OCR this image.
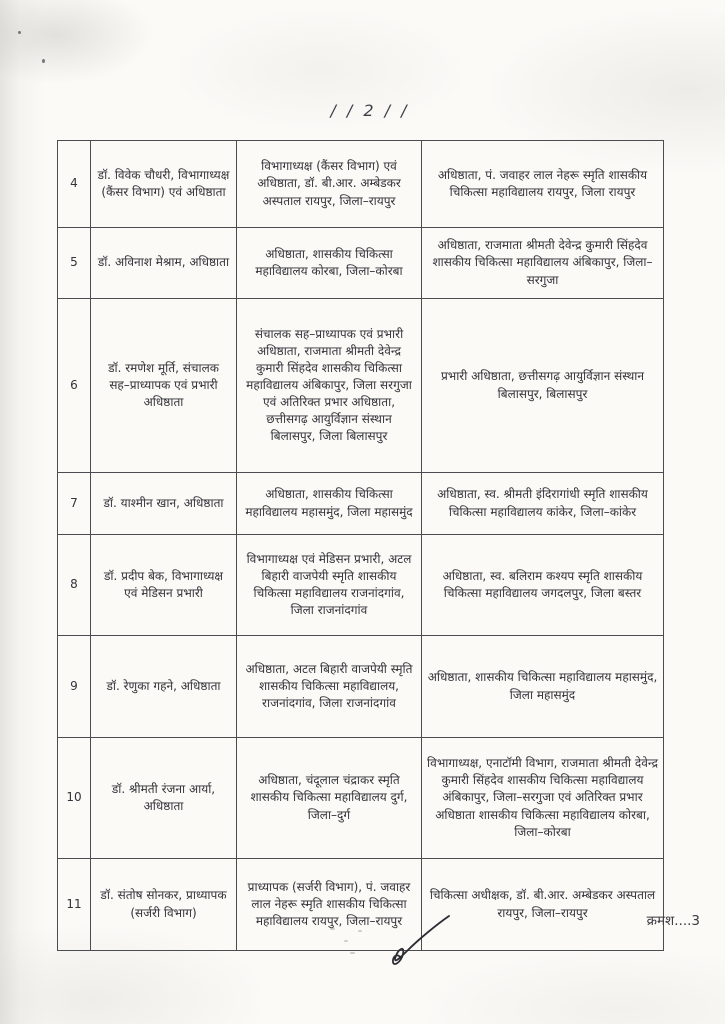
/ / 2 / /
4	डॉ. विवेक चौधरी, विभागाध्यक्ष (कैंसर विभाग) एवं अधिष्ठाता	विभागाध्यक्ष (कैंसर विभाग) एवं अधिष्ठाता, डॉ. बी.आर. अम्बेडकर अस्पताल रायपुर, जिला–रायपुर	अधिष्ठाता, पं. जवाहर लाल नेहरू स्मृति शासकीय चिकित्सा महाविद्यालय रायपुर, जिला रायपुर
5	डॉ. अविनाश मेश्राम, अधिष्ठाता	अधिष्ठाता, शासकीय चिकित्सा महाविद्यालय कोरबा, जिला–कोरबा	अधिष्ठाता, राजमाता श्रीमती देवेन्द्र कुमारी सिंहदेव शासकीय चिकित्सा महाविद्यालय अंबिकापुर, जिला–सरगुजा
6	डॉ. रमणेश मूर्ति, संचालक सह–प्राध्यापक एवं प्रभारी अधिष्ठाता	संचालक सह–प्राध्यापक एवं प्रभारी अधिष्ठाता, राजमाता श्रीमती देवेन्द्र कुमारी सिंहदेव शासकीय चिकित्सा महाविद्यालय अंबिकापुर, जिला सरगुजा एवं अतिरिक्त प्रभार अधिष्ठाता, छत्तीसगढ़ आयुर्विज्ञान संस्थान बिलासपुर, जिला बिलासपुर	प्रभारी अधिष्ठाता, छत्तीसगढ़ आयुर्विज्ञान संस्थान बिलासपुर, बिलासपुर
7	डॉ. याश्मीन खान, अधिष्ठाता	अधिष्ठाता, शासकीय चिकित्सा महाविद्यालय महासमुंद, जिला महासमुंद	अधिष्ठाता, स्व. श्रीमती इंदिरागांधी स्मृति शासकीय चिकित्सा महाविद्यालय कांकेर, जिला–कांकेर
8	डॉ. प्रदीप बेक, विभागाध्यक्ष एवं मेडिसन प्रभारी	विभागाध्यक्ष एवं मेडिसन प्रभारी, अटल बिहारी वाजपेयी स्मृति शासकीय चिकित्सा महाविद्यालय राजनांदगांव, जिला राजनांदगांव	अधिष्ठाता, स्व. बलिराम कश्यप स्मृति शासकीय चिकित्सा महाविद्यालय जगदलपुर, जिला बस्तर
9	डॉ. रेणुका गहने, अधिष्ठाता	अधिष्ठाता, अटल बिहारी वाजपेयी स्मृति शासकीय चिकित्सा महाविद्यालय, राजनांदगांव, जिला राजनांदगांव	अधिष्ठाता, शासकीय चिकित्सा महाविद्यालय महासमुंद, जिला महासमुंद
10	डॉ. श्रीमती रंजना आर्या, अधिष्ठाता	अधिष्ठाता, चंदूलाल चंद्राकर स्मृति शासकीय चिकित्सा महाविद्यालय दुर्ग, जिला–दुर्ग	विभागाध्यक्ष, एनाटॉमी विभाग, राजमाता श्रीमती देवेन्द्र कुमारी सिंहदेव शासकीय चिकित्सा महाविद्यालय अंबिकापुर, जिला–सरगुजा एवं अतिरिक्त प्रभार अधिष्ठाता शासकीय चिकित्सा महाविद्यालय कोरबा, जिला–कोरबा
11	डॉ. संतोष सोनकर, प्राध्यापक (सर्जरी विभाग)	प्राध्यापक (सर्जरी विभाग), पं. जवाहर लाल नेहरू स्मृति शासकीय चिकित्सा महाविद्यालय रायपुर, जिला–रायपुर	चिकित्सा अधीक्षक, डॉ. बी.आर. अम्बेडकर अस्पताल रायपुर, जिला–रायपुर
क्रमश....3
